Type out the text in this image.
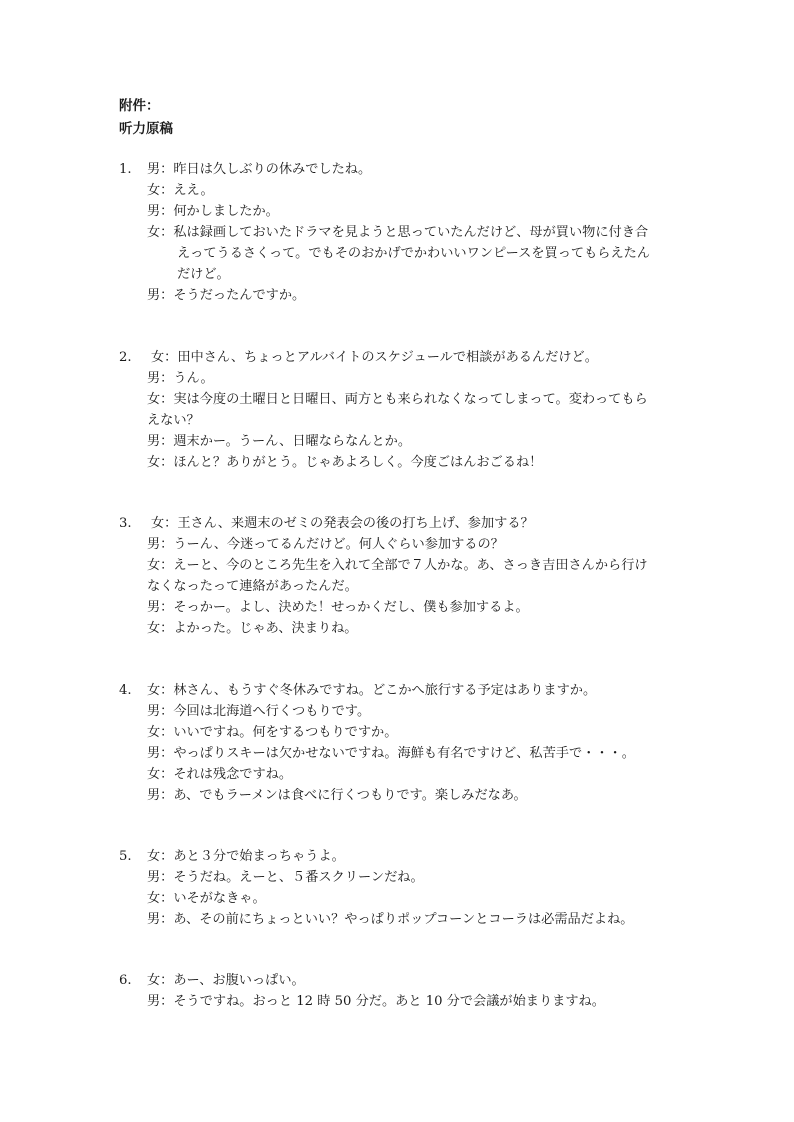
附件：
听力原稿
1. 男：昨日は久しぶりの休みでしたね。
女：ええ。
男：何かしましたか。
女：私は録画しておいたドラマを見ようと思っていたんだけど、母が買い物に付き合
えってうるさくって。でもそのおかげでかわいいワンピースを買ってもらえたん
だけど。
男：そうだったんですか。
2. 女：田中さん、ちょっとアルバイトのスケジュールで相談があるんだけど。
男：うん。
女：実は今度の土曜日と日曜日、両方とも来られなくなってしまって。変わってもら
えない？
男：週末かー。うーん、日曜ならなんとか。
女：ほんと？ありがとう。じゃあよろしく。今度ごはんおごるね！
3. 女：王さん、来週末のゼミの発表会の後の打ち上げ、参加する？
男：うーん、今迷ってるんだけど。何人ぐらい参加するの？
女：えーと、今のところ先生を入れて全部で７人かな。あ、さっき吉田さんから行け
なくなったって連絡があったんだ。
男：そっかー。よし、決めた！せっかくだし、僕も参加するよ。
女：よかった。じゃあ、決まりね。
4. 女：林さん、もうすぐ冬休みですね。どこかへ旅行する予定はありますか。
男：今回は北海道へ行くつもりです。
女：いいですね。何をするつもりですか。
男：やっぱりスキーは欠かせないですね。海鮮も有名ですけど、私苦手で・・・。
女：それは残念ですね。
男：あ、でもラーメンは食べに行くつもりです。楽しみだなあ。
5. 女：あと３分で始まっちゃうよ。
男：そうだね。えーと、５番スクリーンだね。
女：いそがなきゃ。
男：あ、その前にちょっといい？やっぱりポップコーンとコーラは必需品だよね。
6. 女：あー、お腹いっぱい。
男：そうですね。おっと 12 時 50 分だ。あと 10 分で会議が始まりますね。
